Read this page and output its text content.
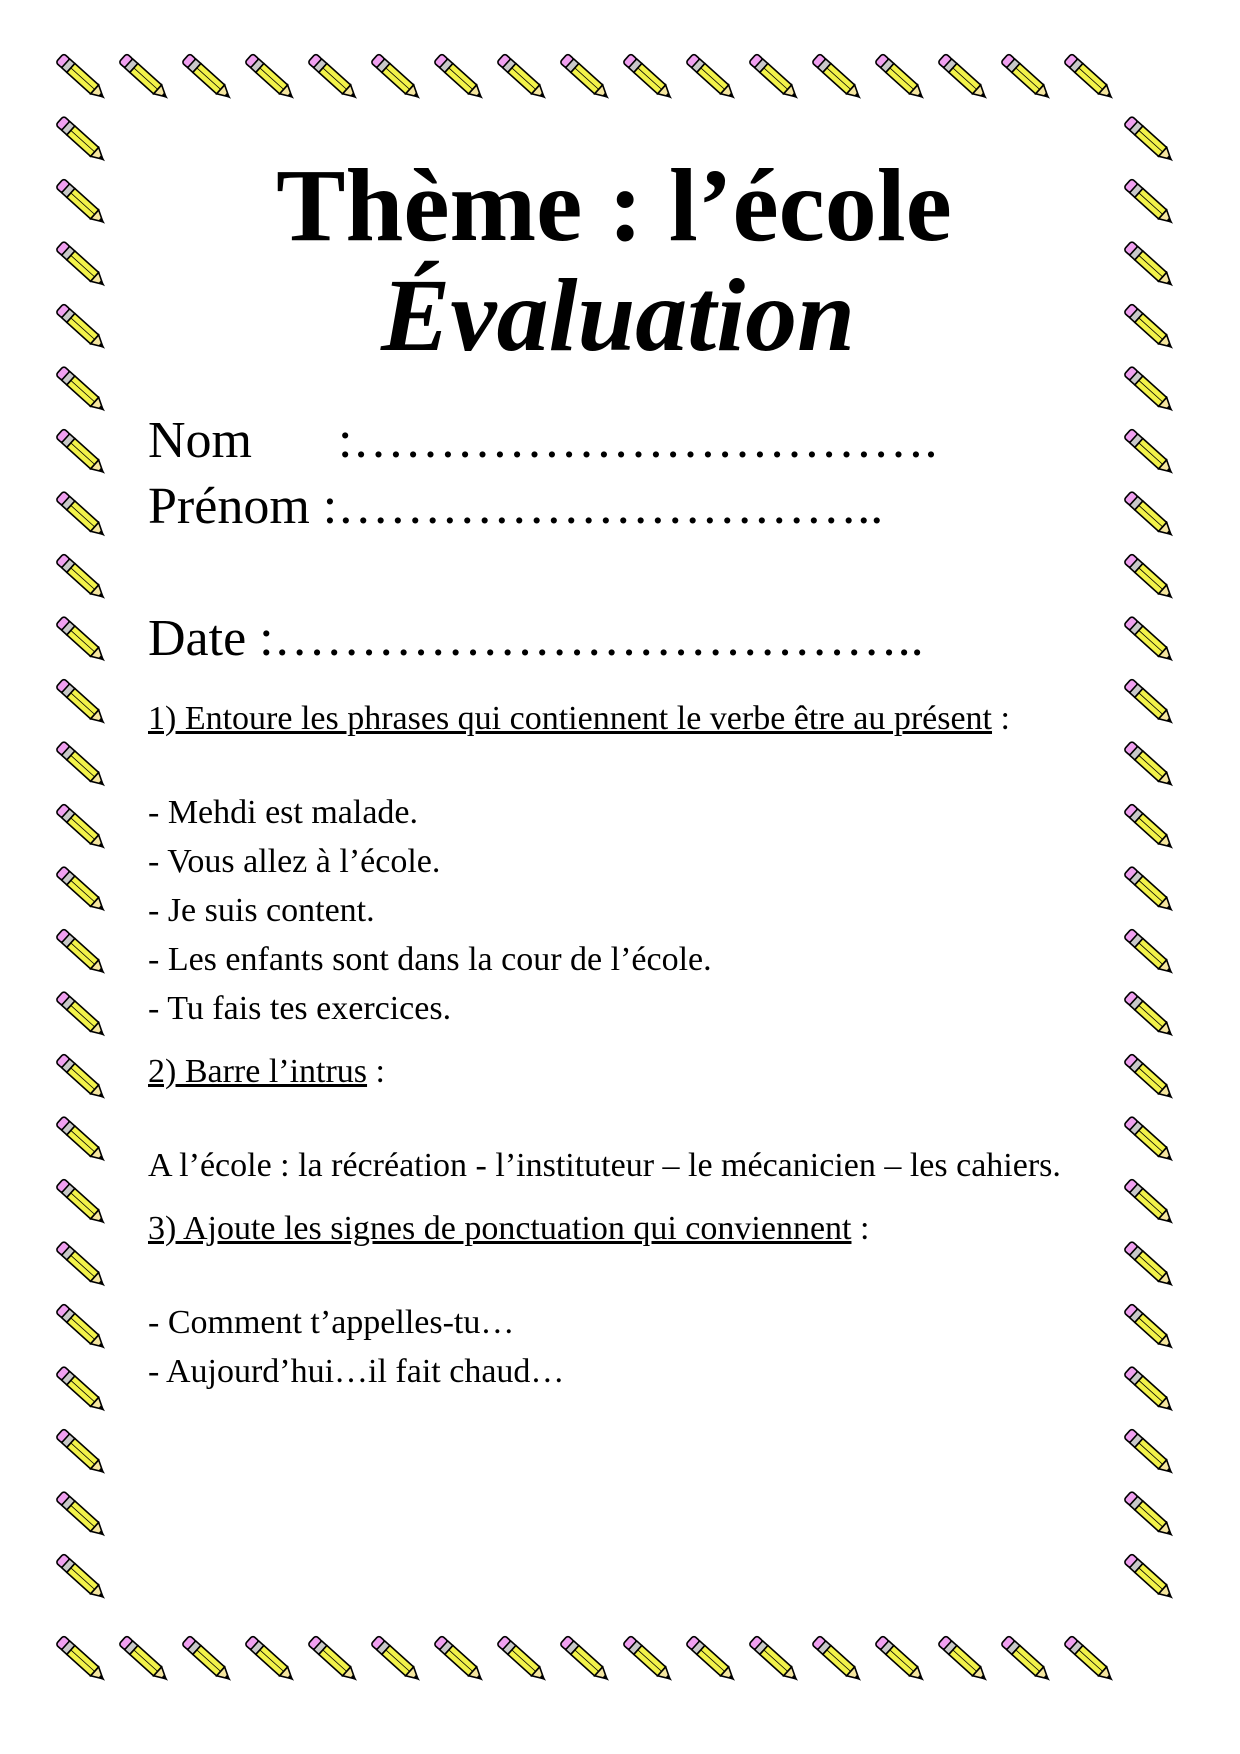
Thème : l’école
Évaluation
Nom :…………………………….
Prénom :…………………………..
Date :………………………………..
1) Entoure les phrases qui contiennent le verbe être au présent :
- Mehdi est malade.
- Vous allez à l’école.
- Je suis content.
- Les enfants sont dans la cour de l’école.
- Tu fais tes exercices.
2) Barre l’intrus :
A l’école : la récréation - l’instituteur – le mécanicien – les cahiers.
3) Ajoute les signes de ponctuation qui conviennent :
- Comment t’appelles-tu…
- Aujourd’hui…il fait chaud…
